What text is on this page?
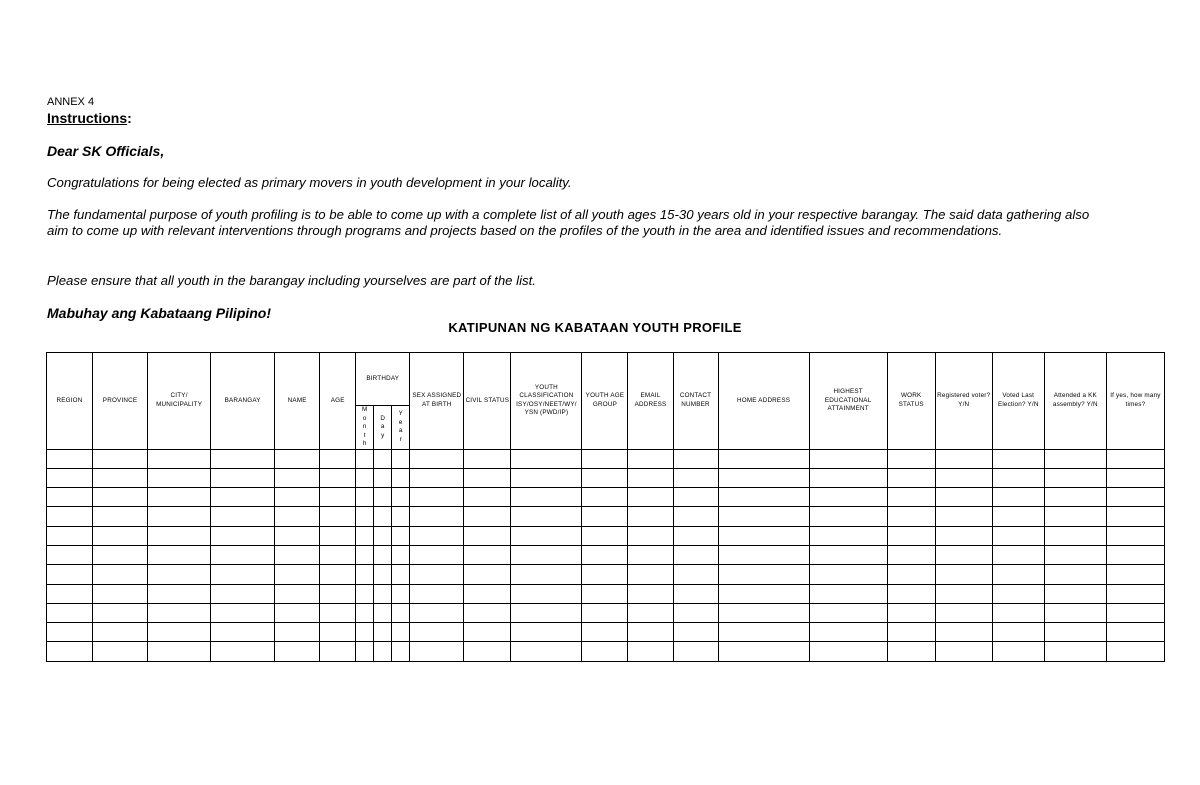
ANNEX 4
Instructions:
Dear SK Officials,
Congratulations for being elected as primary movers in youth development in your locality.
The fundamental purpose of youth profiling is to be able to come up with a complete list of all youth ages 15-30 years old in your respective barangay. The said data gathering also aim to come up with relevant interventions through programs and projects based on the profiles of the youth in the area and identified issues and recommendations.
Please ensure that all youth in the barangay including yourselves are part of the list.
Mabuhay ang Kabataang Pilipino!
KATIPUNAN NG KABATAAN YOUTH PROFILE
REGION	PROVINCE	CITY/ MUNICIPALITY	BARANGAY	NAME	AGE	BIRTHDAY			SEX ASSIGNED AT BIRTH	CIVIL STATUS	YOUTH CLASSIFICATION ISY/OSY/NEET/WY/ YSN (PWD/IP)	YOUTH AGE GROUP	EMAIL ADDRESS	CONTACT NUMBER	HOME ADDRESS	HIGHEST EDUCATIONAL ATTAINMENT	WORK STATUS	Registered voter? Y/N	Voted Last Election? Y/N	Attended a KK assembly? Y/N	If yes, how many times?

						M
o
n
t
h	D
a
y	Y
e
a
r													
